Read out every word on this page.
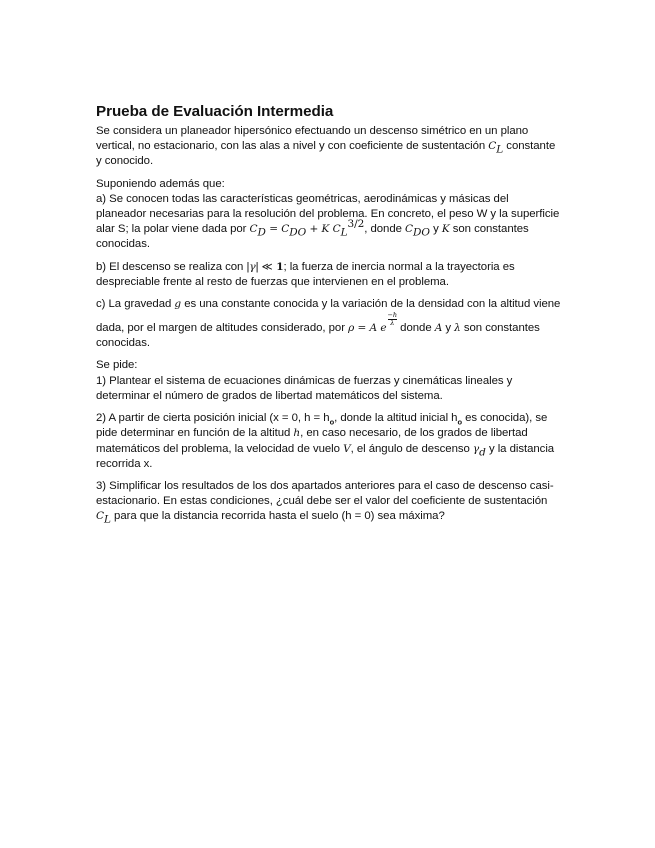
Prueba de Evaluación Intermedia

Se considera un planeador hipersónico efectuando un descenso simétrico en un plano vertical, no estacionario, con las alas a nivel y con coeficiente de sustentación $C_L$ constante y conocido.

Suponiendo además que:
a) Se conocen todas las características geométricas, aerodinámicas y másicas del planeador necesarias para la resolución del problema. En concreto, el peso W y la superficie alar S; la polar viene dada por $C_D = C_{DO} + K$ $C_L^{3/2}$, donde $C_{DO}$ y K son constantes conocidas.

b) El descenso se realiza con |γ| ≪ 1; la fuerza de inercia normal a la trayectoria es despreciable frente al resto de fuerzas que intervienen en el problema.

c) La gravedad g es una constante conocida y la variación de la densidad con la altitud viene dada, por el margen de altitudes considerado, por ρ = A e
$\frac{-h}{\lambda}$
donde A y λ son constantes conocidas.

Se pide:
1) Plantear el sistema de ecuaciones dinámicas de fuerzas y cinemáticas lineales y determinar el número de grados de libertad matemáticos del sistema.

2) A partir de cierta posición inicial (x = 0, $h = h_o$, donde la altitud inicial $h_o$ es conocida), se pide determinar en función de la altitud h, en caso necesario, de los grados de libertad matemáticos del problema, la velocidad de vuelo V, el ángulo de descenso $\gamma_d$ y la distancia recorrida x.

3) Simplificar los resultados de los dos apartados anteriores para el caso de descenso casi-estacionario. En estas condiciones, ¿cuál debe ser el valor del coeficiente de sustentación $C_L$ para que la distancia recorrida hasta el suelo (h = 0) sea máxima?
